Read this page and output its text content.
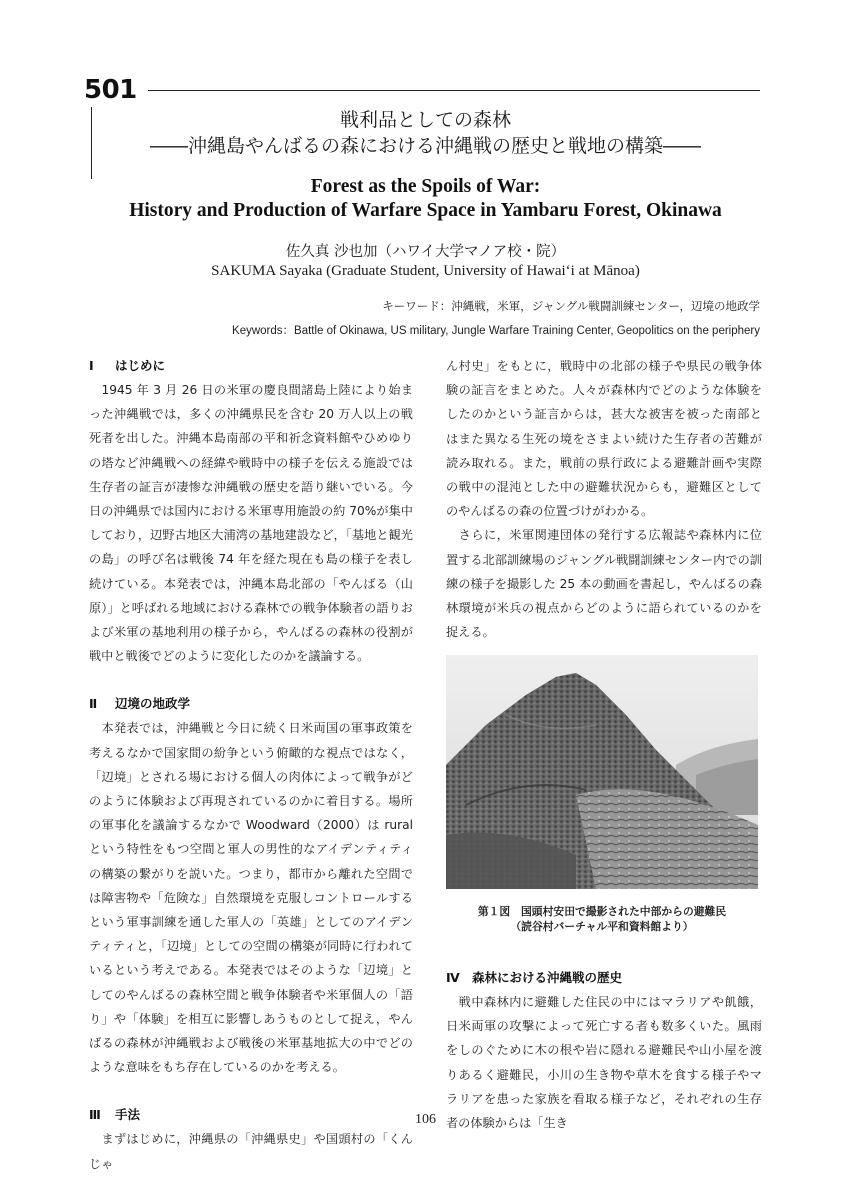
501
戦利品としての森林
――沖縄島やんばるの森における沖縄戦の歴史と戦地の構築――
Forest as the Spoils of War:
History and Production of Warfare Space in Yambaru Forest, Okinawa
佐久真 沙也加（ハワイ大学マノア校・院）
SAKUMA Sayaka (Graduate Student, University of Hawaiʻi at Mānoa)
キーワード：沖縄戦，米軍，ジャングル戦闘訓練センター，辺境の地政学
Keywords：Battle of Okinawa, US military, Jungle Warfare Training Center, Geopolitics on the periphery
Ⅰ はじめに

　1945 年 3 月 26 日の米軍の慶良間諸島上陸により始まった沖縄戦では，多くの沖縄県民を含む 20 万人以上の戦死者を出した。沖縄本島南部の平和祈念資料館やひめゆりの塔など沖縄戦への経緯や戦時中の様子を伝える施設では生存者の証言が凄惨な沖縄戦の歴史を語り継いでいる。今日の沖縄県では国内における米軍専用施設の約 70%が集中しており，辺野古地区大浦湾の基地建設など，「基地と観光の島」の呼び名は戦後 74 年を経た現在も島の様子を表し続けている。本発表では，沖縄本島北部の「やんばる（山原）」と呼ばれる地域における森林での戦争体験者の語りおよび米軍の基地利用の様子から，やんばるの森林の役割が戦中と戦後でどのように変化したのかを議論する。

Ⅱ 辺境の地政学

　本発表では，沖縄戦と今日に続く日米両国の軍事政策を考えるなかで国家間の紛争という俯瞰的な視点ではなく，「辺境」とされる場における個人の肉体によって戦争がどのように体験および再現されているのかに着目する。場所の軍事化を議論するなかで Woodward（2000）は rural という特性をもつ空間と軍人の男性的なアイデンティティの構築の繋がりを説いた。つまり，都市から離れた空間では障害物や「危険な」自然環境を克服しコントロールするという軍事訓練を通した軍人の「英雄」としてのアイデンティティと，「辺境」としての空間の構築が同時に行われているという考えである。本発表ではそのような「辺境」としてのやんばるの森林空間と戦争体験者や米軍個人の「語り」や「体験」を相互に影響しあうものとして捉え，やんばるの森林が沖縄戦および戦後の米軍基地拡大の中でどのような意味をもち存在しているのかを考える。

Ⅲ 手法

　まずはじめに，沖縄県の「沖縄県史」や国頭村の「くんじゃ

ん村史」をもとに，戦時中の北部の様子や県民の戦争体験の証言をまとめた。人々が森林内でどのような体験をしたのかという証言からは，甚大な被害を被った南部とはまた異なる生死の境をさまよい続けた生存者の苦難が読み取れる。また，戦前の県行政による避難計画や実際の戦中の混沌とした中の避難状況からも，避難区としてのやんばるの森の位置づけがわかる。

　さらに，米軍関連団体の発行する広報誌や森林内に位置する北部訓練場のジャングル戦闘訓練センター内での訓練の様子を撮影した 25 本の動画を書起し，やんばるの森林環境が米兵の視点からどのように語られているのかを捉える。

第１図　国頭村安田で撮影された中部からの避難民
（読谷村バーチャル平和資料館より）
Ⅳ 森林における沖縄戦の歴史

　戦中森林内に避難した住民の中にはマラリアや飢餓，日米両軍の攻撃によって死亡する者も数多くいた。風雨をしのぐために木の根や岩に隠れる避難民や山小屋を渡りあるく避難民，小川の生き物や草木を食する様子やマラリアを患った家族を看取る様子など，それぞれの生存者の体験からは「生き

106
